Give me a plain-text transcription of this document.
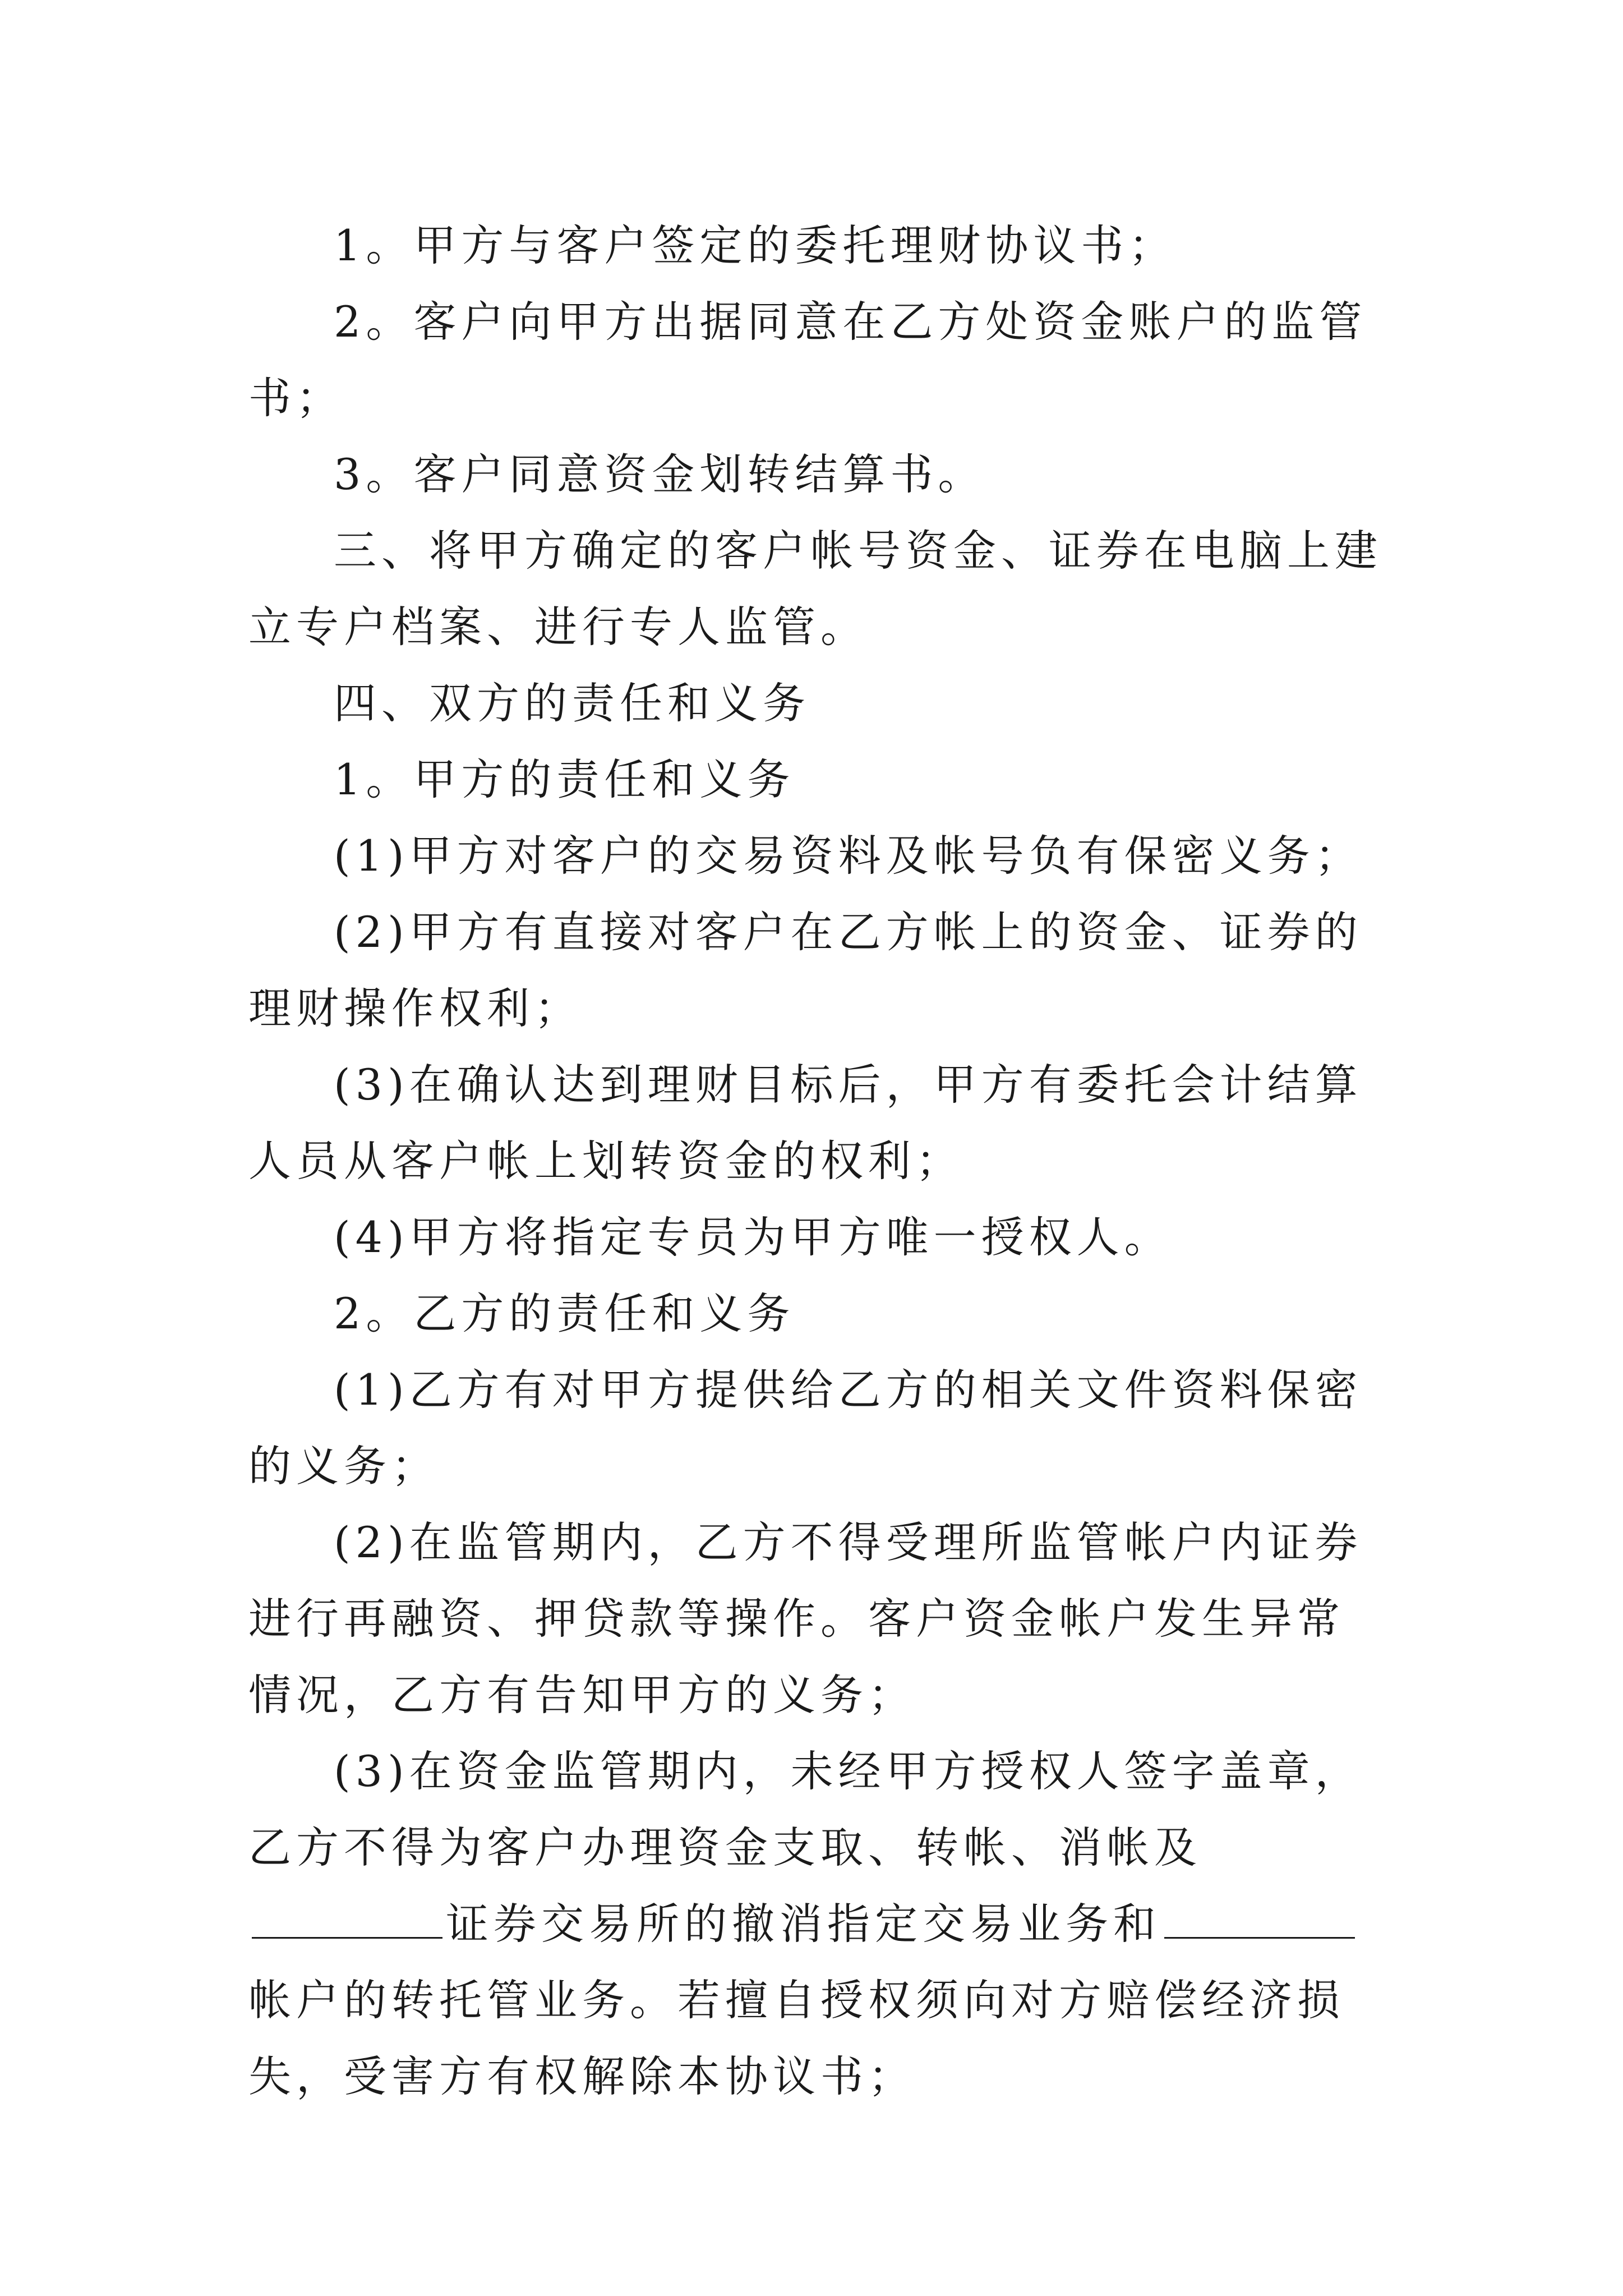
1。甲方与客户签定的委托理财协议书；

2。客户向甲方出据同意在乙方处资金账户的监管书；

3。客户同意资金划转结算书。

三、将甲方确定的客户帐号资金、证券在电脑上建立专户档案、进行专人监管。

四、双方的责任和义务

1。甲方的责任和义务

(1)甲方对客户的交易资料及帐号负有保密义务；

(2)甲方有直接对客户在乙方帐上的资金、证券的理财操作权利；

(3)在确认达到理财目标后，甲方有委托会计结算人员从客户帐上划转资金的权利；

(4)甲方将指定专员为甲方唯一授权人。

2。乙方的责任和义务

(1)乙方有对甲方提供给乙方的相关文件资料保密的义务；

(2)在监管期内，乙方不得受理所监管帐户内证券进行再融资、押贷款等操作。客户资金帐户发生异常情况，乙方有告知甲方的义务；

(3)在资金监管期内，未经甲方授权人签字盖章，乙方不得为客户办理资金支取、转帐、消帐及证券交易所的撤消指定交易业务和帐户的转托管业务。若擅自授权须向对方赔偿经济损失，受害方有权解除本协议书；
